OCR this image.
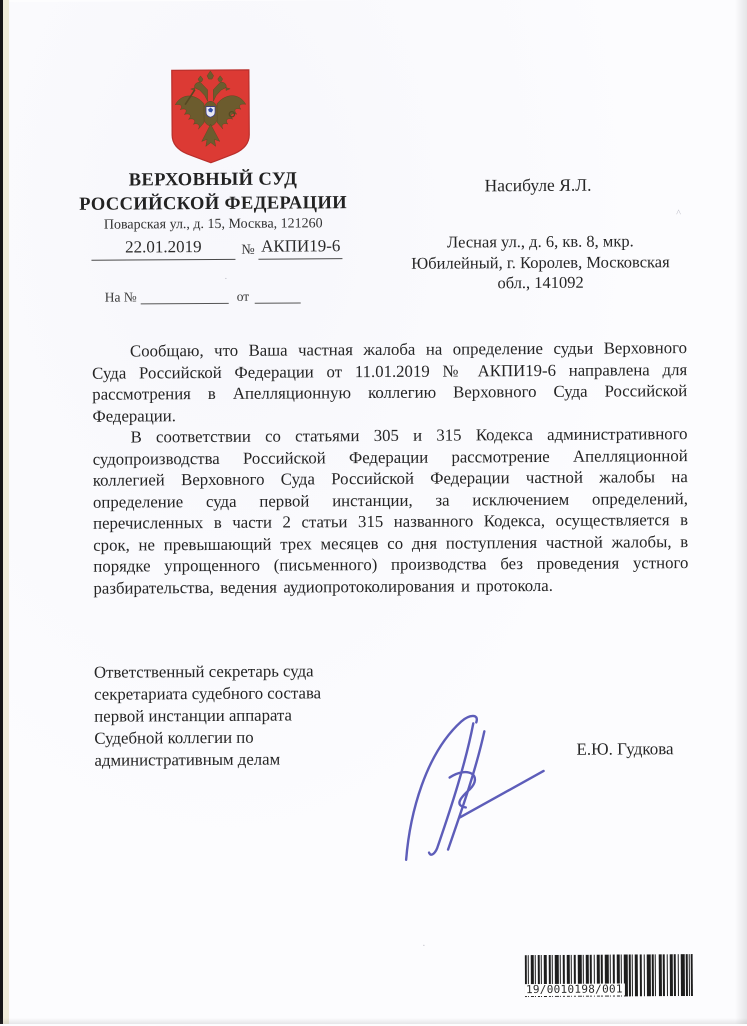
ВЕРХОВНЫЙ СУД
РОССИЙСКОЙ ФЕДЕРАЦИИ
Поварская ул., д. 15, Москва, 121260
22.01.2019	№ АКПИ19-6
На №	от
Насибуле Я.Л.
Лесная ул., д. 6, кв. 8, мкр.
Юбилейный, г. Королев, Московская
обл., 141092

Сообщаю, что Ваша частная жалоба на определение судьи Верховного Суда Российской Федерации от 11.01.2019 № АКПИ19-6 направлена для рассмотрения в Апелляционную коллегию Верховного Суда Российской Федерации.

В соответствии со статьями 305 и 315 Кодекса административного судопроизводства Российской Федерации рассмотрение Апелляционной коллегией Верховного Суда Российской Федерации частной жалобы на определение суда первой инстанции, за исключением определений, перечисленных в части 2 статьи 315 названного Кодекса, осуществляется в срок, не превышающий трех месяцев со дня поступления частной жалобы, в порядке упрощенного (письменного) производства без проведения устного разбирательства, ведения аудиопротоколирования и протокола.

Ответственный секретарь суда
секретариата судебного состава
первой инстанции аппарата
Судебной коллегии по
административным делам
Е.Ю. Гудкова
19/0010198/001
^
.
.
